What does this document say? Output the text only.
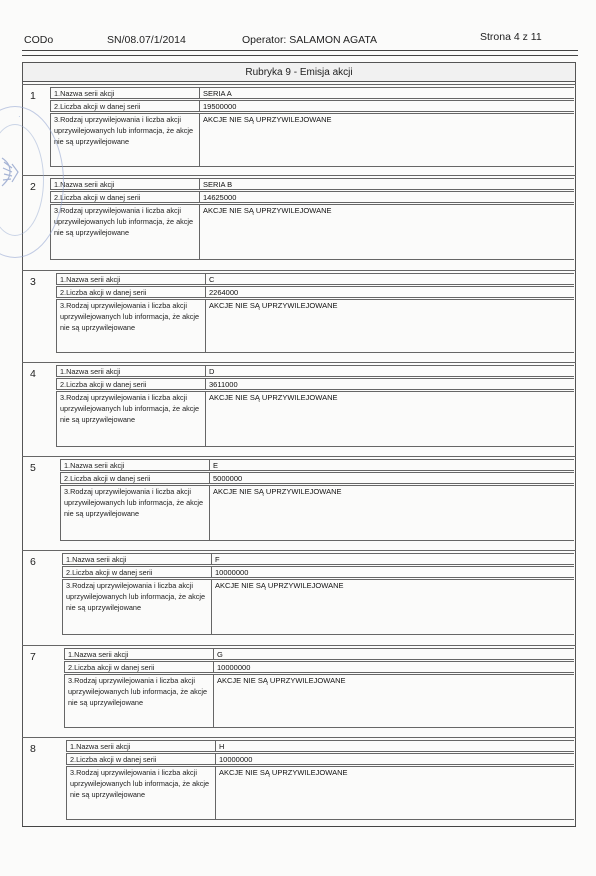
CODo	SN/08.07/1/2014	Operator: SALAMON AGATA	Strona 4 z 11
Rubryka 9 - Emisja akcji
1	1.Nazwa serii akcji	SERIA A
2.Liczba akcji w danej serii	19500000
3.Rodzaj uprzywilejowania i liczba akcji uprzywilejowanych lub informacja, że akcje nie są uprzywilejowane
AKCJE NIE SĄ UPRZYWILEJOWANE
2	1.Nazwa serii akcji	SERIA B
2.Liczba akcji w danej serii	14625000
3.Rodzaj uprzywilejowania i liczba akcji uprzywilejowanych lub informacja, że akcje nie są uprzywilejowane
AKCJE NIE SĄ UPRZYWILEJOWANE
3	1.Nazwa serii akcji	C
2.Liczba akcji w danej serii	2264000
3.Rodzaj uprzywilejowania i liczba akcji uprzywilejowanych lub informacja, że akcje nie są uprzywilejowane
AKCJE NIE SĄ UPRZYWILEJOWANE
4	1.Nazwa serii akcji	D
2.Liczba akcji w danej serii	3611000
3.Rodzaj uprzywilejowania i liczba akcji uprzywilejowanych lub informacja, że akcje nie są uprzywilejowane
AKCJE NIE SĄ UPRZYWILEJOWANE
5	1.Nazwa serii akcji	E
2.Liczba akcji w danej serii	5000000
3.Rodzaj uprzywilejowania i liczba akcji uprzywilejowanych lub informacja, że akcje nie są uprzywilejowane
AKCJE NIE SĄ UPRZYWILEJOWANE
6	1.Nazwa serii akcji	F
2.Liczba akcji w danej serii	10000000
3.Rodzaj uprzywilejowania i liczba akcji uprzywilejowanych lub informacja, że akcje nie są uprzywilejowane
AKCJE NIE SĄ UPRZYWILEJOWANE
7	1.Nazwa serii akcji	G
2.Liczba akcji w danej serii	10000000
3.Rodzaj uprzywilejowania i liczba akcji uprzywilejowanych lub informacja, że akcje nie są uprzywilejowane
AKCJE NIE SĄ UPRZYWILEJOWANE
8	1.Nazwa serii akcji	H
2.Liczba akcji w danej serii	10000000
3.Rodzaj uprzywilejowania i liczba akcji uprzywilejowanych lub informacja, że akcje nie są uprzywilejowane
AKCJE NIE SĄ UPRZYWILEJOWANE
·
